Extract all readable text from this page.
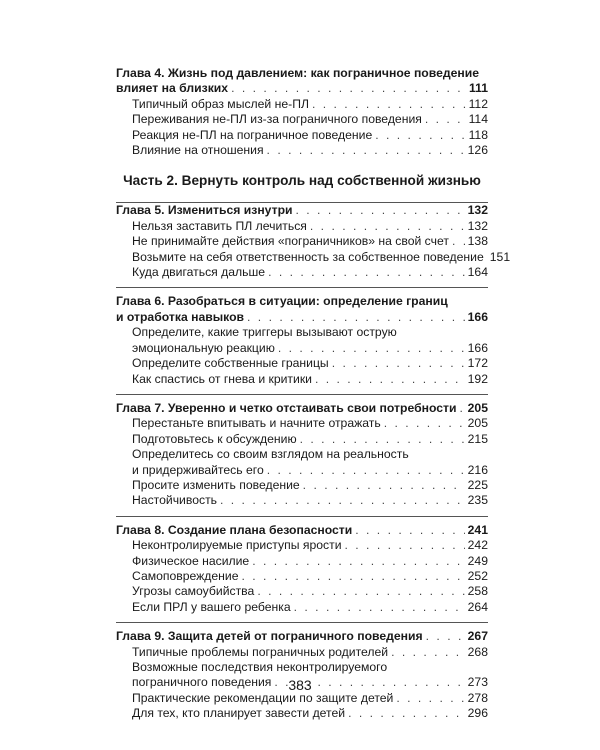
Глава 4. Жизнь под давлением: как пограничное поведение
влияет на близких . . .	111
Типичный образ мыслей не-ПЛ . . .	112
Переживания не-ПЛ из-за пограничного поведения . . .	114
Реакция не-ПЛ на пограничное поведение . . .	118
Влияние на отношения . . .	126
Часть 2. Вернуть контроль над собственной жизнью
Глава 5. Измениться изнутри . . .	132
Нельзя заставить ПЛ лечиться . . .	132
Не принимайте действия «пограничников» на свой счет . . . 138
Возьмите на себя ответственность за собственное поведение 151
Куда двигаться дальше . . .	164
Глава 6. Разобраться в ситуации: определение границ
и отработка навыков . . .	166
Определите, какие триггеры вызывают острую
эмоциональную реакцию . . .	166
Определите собственные границы . . .	172
Как спастись от гнева и критики . . .	192
Глава 7. Уверенно и четко отстаивать свои потребности . . . 205
Перестаньте впитывать и начните отражать . . .	205
Подготовьтесь к обсуждению . . .	215
Определитесь со своим взглядом на реальность
и придерживайтесь его . . .	216
Просите изменить поведение . . .	225
Настойчивость . . .	235
Глава 8. Создание плана безопасности . . .	241
Неконтролируемые приступы ярости . . .	242
Физическое насилие . . .	249
Самоповреждение . . .	252
Угрозы самоубийства . . .	258
Если ПРЛ у вашего ребенка . . .	264
Глава 9. Защита детей от пограничного поведения . . .	267
Типичные проблемы пограничных родителей . . .	268
Возможные последствия неконтролируемого
пограничного поведения . . .	273
Практические рекомендации по защите детей . . .	278
Для тех, кто планирует завести детей . . .	296
383
